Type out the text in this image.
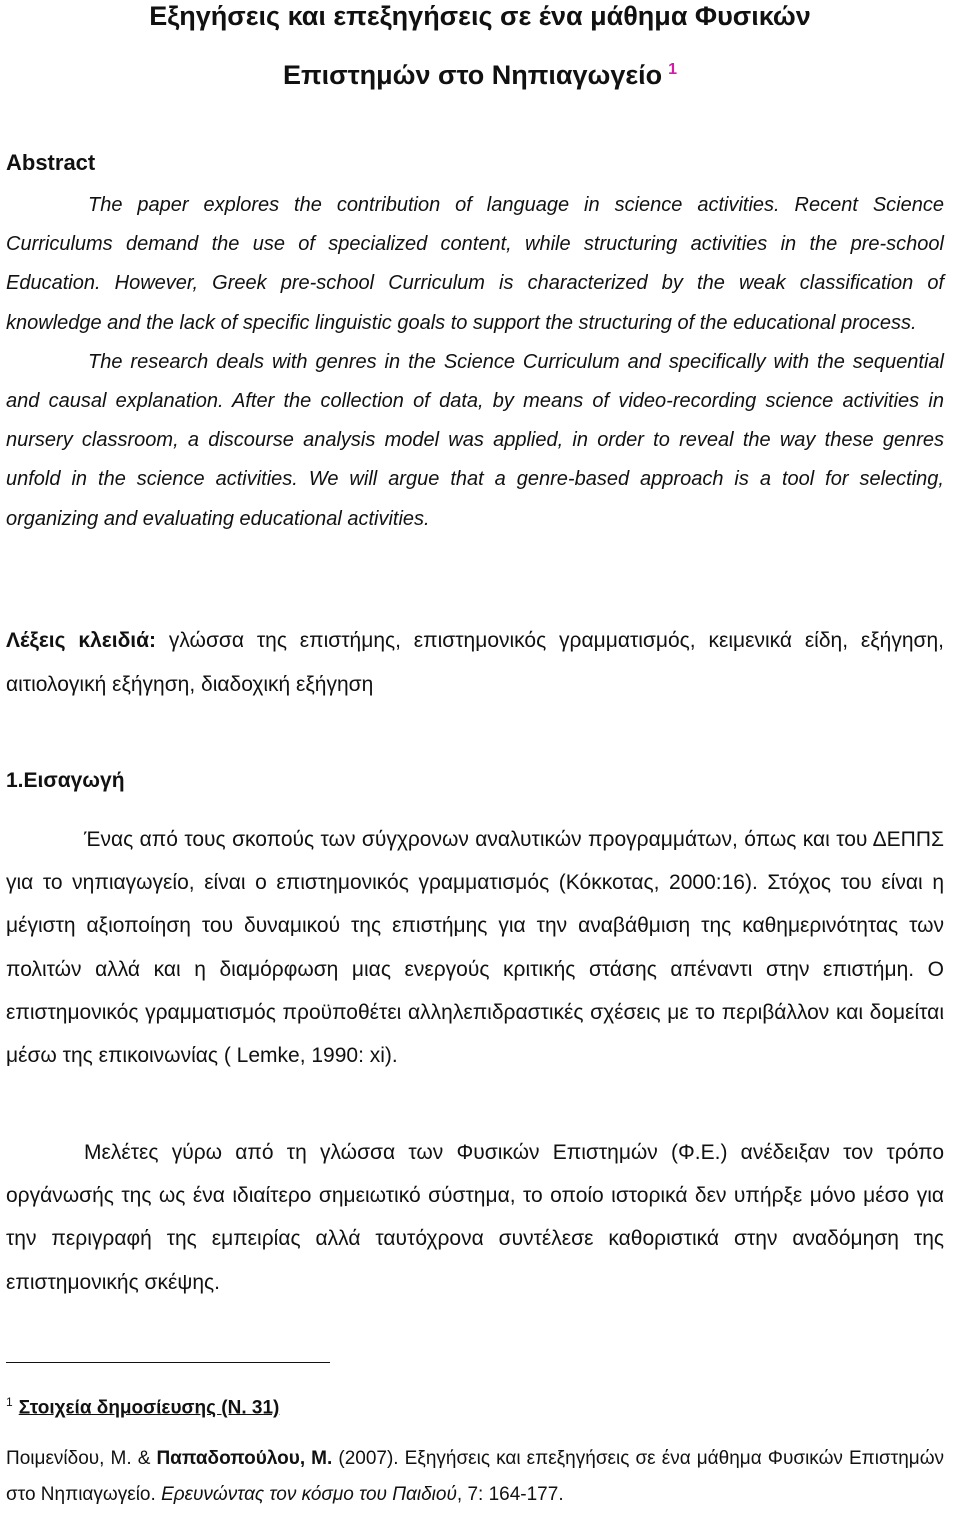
Εξηγήσεις και επεξηγήσεις σε ένα μάθημα Φυσικών
Επιστημών στο Νηπιαγωγείο $^1$
Abstract

The paper explores the contribution of language in science activities. Recent Science Curriculums demand the use of specialized content, while structuring activities in the pre-school Education. However, Greek pre-school Curriculum is characterized by the weak classification of knowledge and the lack of specific linguistic goals to support the structuring of the educational process.

The research deals with genres in the Science Curriculum and specifically with the sequential and causal explanation. After the collection of data, by means of video-recording science activities in nursery classroom, a discourse analysis model was applied, in order to reveal the way these genres unfold in the science activities. We will argue that a genre-based approach is a tool for selecting, organizing and evaluating educational activities.

Λέξεις κλειδιά: γλώσσα της επιστήμης, επιστημονικός γραμματισμός, κειμενικά είδη, εξήγηση, αιτιολογική εξήγηση, διαδοχική εξήγηση

1.Εισαγωγή

Ένας από τους σκοπούς των σύγχρονων αναλυτικών προγραμμάτων, όπως και του ΔΕΠΠΣ για το νηπιαγωγείο, είναι ο επιστημονικός γραμματισμός (Κόκκοτας, 2000:16). Στόχος του είναι η μέγιστη αξιοποίηση του δυναμικού της επιστήμης για την αναβάθμιση της καθημερινότητας των πολιτών αλλά και η διαμόρφωση μιας ενεργούς κριτικής στάσης απέναντι στην επιστήμη. Ο επιστημονικός γραμματισμός προϋποθέτει αλληλεπιδραστικές σχέσεις με το περιβάλλον και δομείται μέσω της επικοινωνίας ( Lemke, 1990: xi).

Μελέτες γύρω από τη γλώσσα των Φυσικών Επιστημών (Φ.Ε.) ανέδειξαν τον τρόπο οργάνωσής της ως ένα ιδιαίτερο σημειωτικό σύστημα, το οποίο ιστορικά δεν υπήρξε μόνο μέσο για την περιγραφή της εμπειρίας αλλά ταυτόχρονα συντέλεσε καθοριστικά στην αναδόμηση της επιστημονικής σκέψης.

$^1$ Στοιχεία δημοσίευσης (Ν. 31)

Ποιμενίδου, Μ. & Παπαδοπούλου, Μ. (2007). Εξηγήσεις και επεξηγήσεις σε ένα μάθημα Φυσικών Επιστημών στο Νηπιαγωγείο. Ερευνώντας τον κόσμο του Παιδιού, 7: 164-177.
